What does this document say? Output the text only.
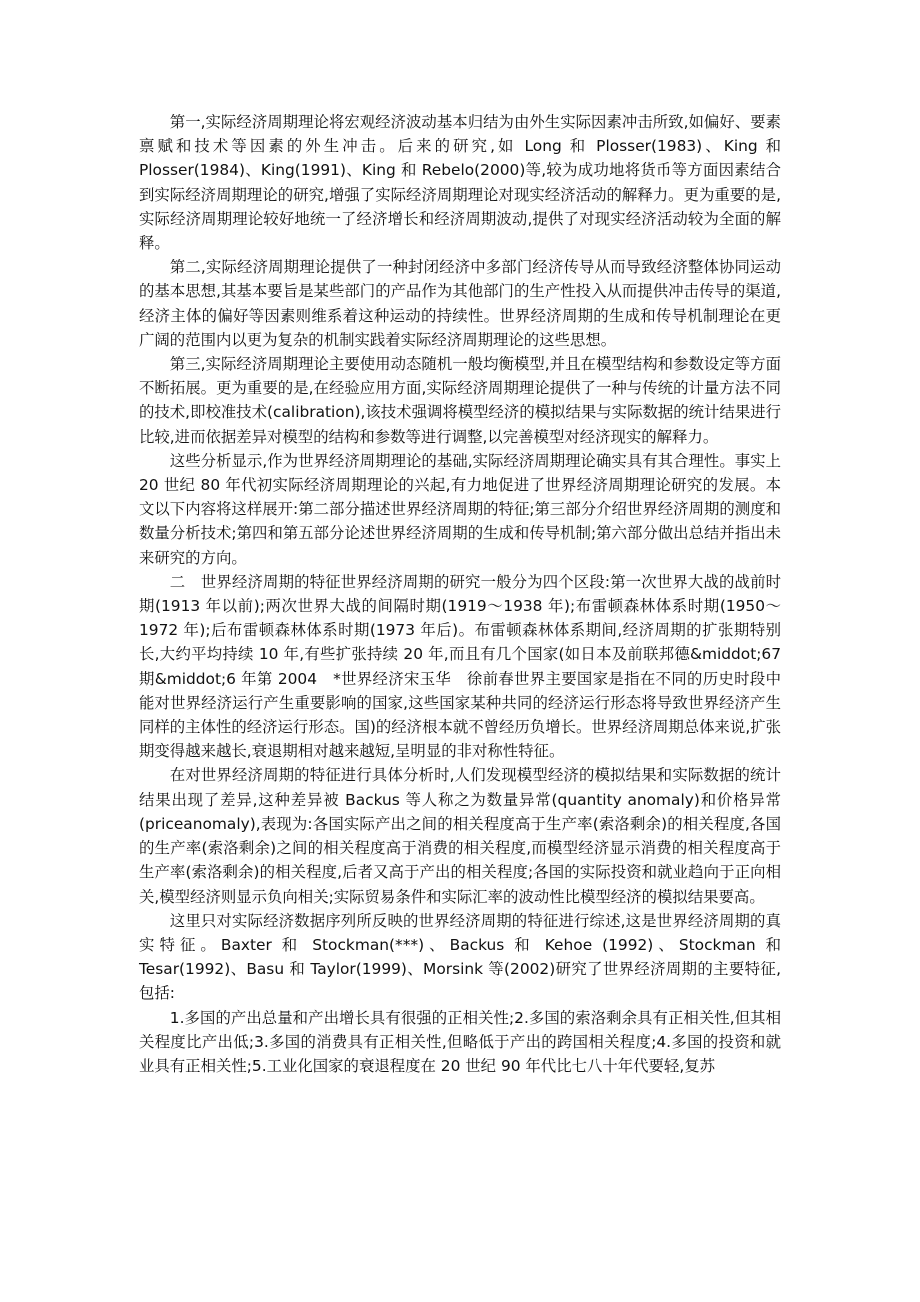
第一,实际经济周期理论将宏观经济波动基本归结为由外生实际因素冲击所致,如偏好、要素禀赋和技术等因素的外生冲击。后来的研究,如 Long 和 Plosser(1983)、King 和 Plosser(1984)、King(1991)、King 和 Rebelo(2000)等,较为成功地将货币等方面因素结合到实际经济周期理论的研究,增强了实际经济周期理论对现实经济活动的解释力。更为重要的是,实际经济周期理论较好地统一了经济增长和经济周期波动,提供了对现实经济活动较为全面的解释。

第二,实际经济周期理论提供了一种封闭经济中多部门经济传导从而导致经济整体协同运动的基本思想,其基本要旨是某些部门的产品作为其他部门的生产性投入从而提供冲击传导的渠道,经济主体的偏好等因素则维系着这种运动的持续性。世界经济周期的生成和传导机制理论在更广阔的范围内以更为复杂的机制实践着实际经济周期理论的这些思想。

第三,实际经济周期理论主要使用动态随机一般均衡模型,并且在模型结构和参数设定等方面不断拓展。更为重要的是,在经验应用方面,实际经济周期理论提供了一种与传统的计量方法不同的技术,即校准技术(calibration),该技术强调将模型经济的模拟结果与实际数据的统计结果进行比较,进而依据差异对模型的结构和参数等进行调整,以完善模型对经济现实的解释力。

这些分析显示,作为世界经济周期理论的基础,实际经济周期理论确实具有其合理性。事实上 20 世纪 80 年代初实际经济周期理论的兴起,有力地促进了世界经济周期理论研究的发展。本文以下内容将这样展开:第二部分描述世界经济周期的特征;第三部分介绍世界经济周期的测度和数量分析技术;第四和第五部分论述世界经济周期的生成和传导机制;第六部分做出总结并指出未来研究的方向。

二　世界经济周期的特征世界经济周期的研究一般分为四个区段:第一次世界大战的战前时期(1913 年以前);两次世界大战的间隔时期(1919～1938 年);布雷顿森林体系时期(1950～1972 年);后布雷顿森林体系时期(1973 年后)。布雷顿森林体系期间,经济周期的扩张期特别长,大约平均持续 10 年,有些扩张持续 20 年,而且有几个国家(如日本及前联邦德&middot;67 期&middot;6 年第 2004　*世界经济宋玉华　徐前春世界主要国家是指在不同的历史时段中能对世界经济运行产生重要影响的国家,这些国家某种共同的经济运行形态将导致世界经济产生同样的主体性的经济运行形态。国)的经济根本就不曾经历负增长。世界经济周期总体来说,扩张期变得越来越长,衰退期相对越来越短,呈明显的非对称性特征。

在对世界经济周期的特征进行具体分析时,人们发现模型经济的模拟结果和实际数据的统计结果出现了差异,这种差异被 Backus 等人称之为数量异常(quantity anomaly)和价格异常(priceanomaly),表现为:各国实际产出之间的相关程度高于生产率(索洛剩余)的相关程度,各国的生产率(索洛剩余)之间的相关程度高于消费的相关程度,而模型经济显示消费的相关程度高于生产率(索洛剩余)的相关程度,后者又高于产出的相关程度;各国的实际投资和就业趋向于正向相关,模型经济则显示负向相关;实际贸易条件和实际汇率的波动性比模型经济的模拟结果要高。

这里只对实际经济数据序列所反映的世界经济周期的特征进行综述,这是世界经济周期的真实特征。Baxter 和 Stockman(***)、Backus 和 Kehoe (1992)、Stockman 和 Tesar(1992)、Basu 和 Taylor(1999)、Morsink 等(2002)研究了世界经济周期的主要特征,包括:

1.多国的产出总量和产出增长具有很强的正相关性;2.多国的索洛剩余具有正相关性,但其相关程度比产出低;3.多国的消费具有正相关性,但略低于产出的跨国相关程度;4.多国的投资和就业具有正相关性;5.工业化国家的衰退程度在 20 世纪 90 年代比七八十年代要轻,复苏
